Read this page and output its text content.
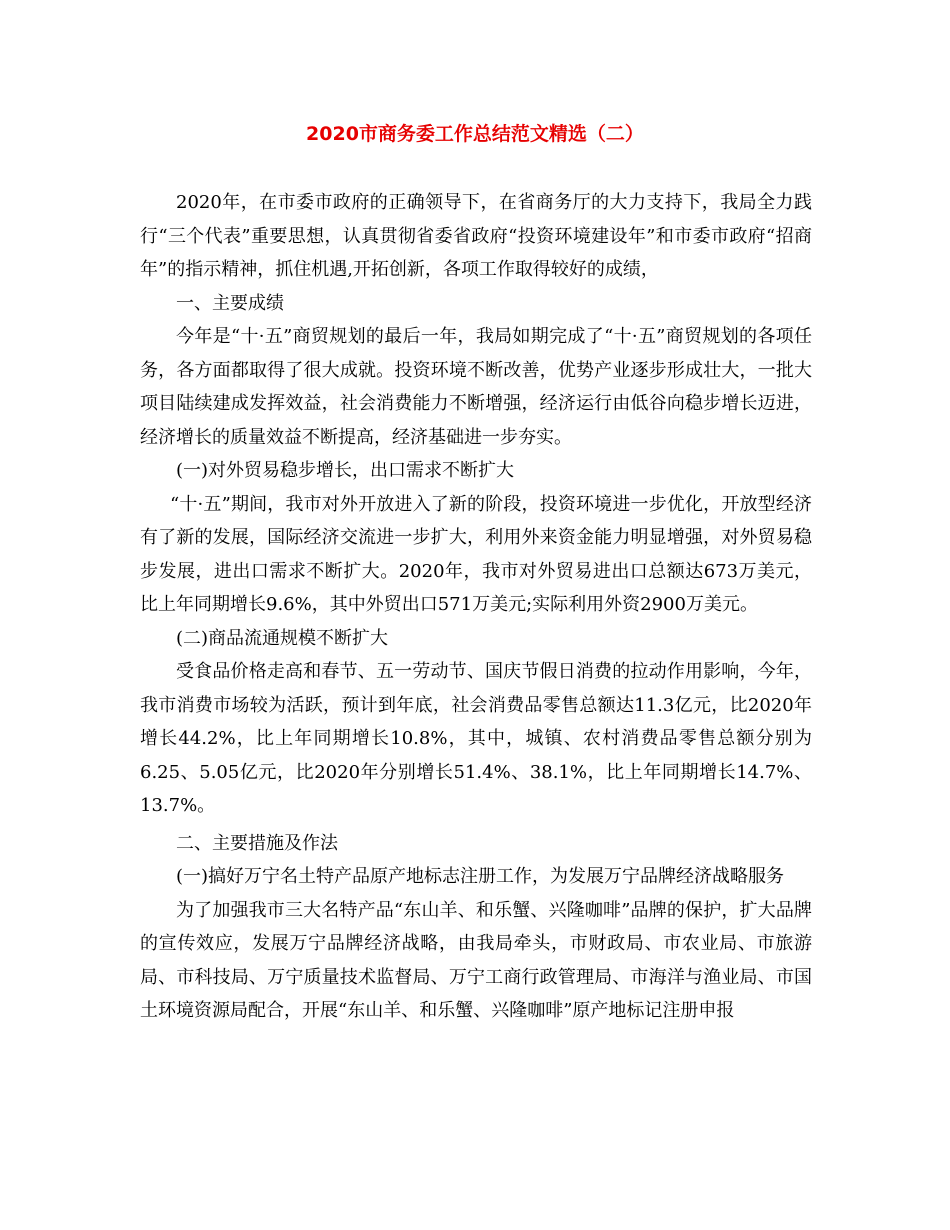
2020市商务委工作总结范文精选（二）

2020年，在市委市政府的正确领导下，在省商务厅的大力支持下，我局全力践行“三个代表”重要思想，认真贯彻省委省政府“投资环境建设年”和市委市政府“招商年”的指示精神，抓住机遇,开拓创新，各项工作取得较好的成绩，

一、主要成绩

今年是“十·五”商贸规划的最后一年，我局如期完成了“十·五”商贸规划的各项任务，各方面都取得了很大成就。投资环境不断改善，优势产业逐步形成壮大，一批大项目陆续建成发挥效益，社会消费能力不断增强，经济运行由低谷向稳步增长迈进，经济增长的质量效益不断提高，经济基础进一步夯实。

(一)对外贸易稳步增长，出口需求不断扩大

“十·五”期间，我市对外开放进入了新的阶段，投资环境进一步优化，开放型经济有了新的发展，国际经济交流进一步扩大，利用外来资金能力明显增强，对外贸易稳步发展，进出口需求不断扩大。2020年，我市对外贸易进出口总额达673万美元，比上年同期增长9.6%，其中外贸出口571万美元;实际利用外资2900万美元。

(二)商品流通规模不断扩大

受食品价格走高和春节、五一劳动节、国庆节假日消费的拉动作用影响，今年，我市消费市场较为活跃，预计到年底，社会消费品零售总额达11.3亿元，比2020年增长44.2%，比上年同期增长10.8%，其中，城镇、农村消费品零售总额分别为6.25、5.05亿元，比2020年分别增长51.4%、38.1%，比上年同期增长14.7%、13.7%。

二、主要措施及作法

(一)搞好万宁名土特产品原产地标志注册工作，为发展万宁品牌经济战略服务

为了加强我市三大名特产品“东山羊、和乐蟹、兴隆咖啡”品牌的保护，扩大品牌的宣传效应，发展万宁品牌经济战略，由我局牵头，市财政局、市农业局、市旅游局、市科技局、万宁质量技术监督局、万宁工商行政管理局、市海洋与渔业局、市国土环境资源局配合，开展“东山羊、和乐蟹、兴隆咖啡”原产地标记注册申报
